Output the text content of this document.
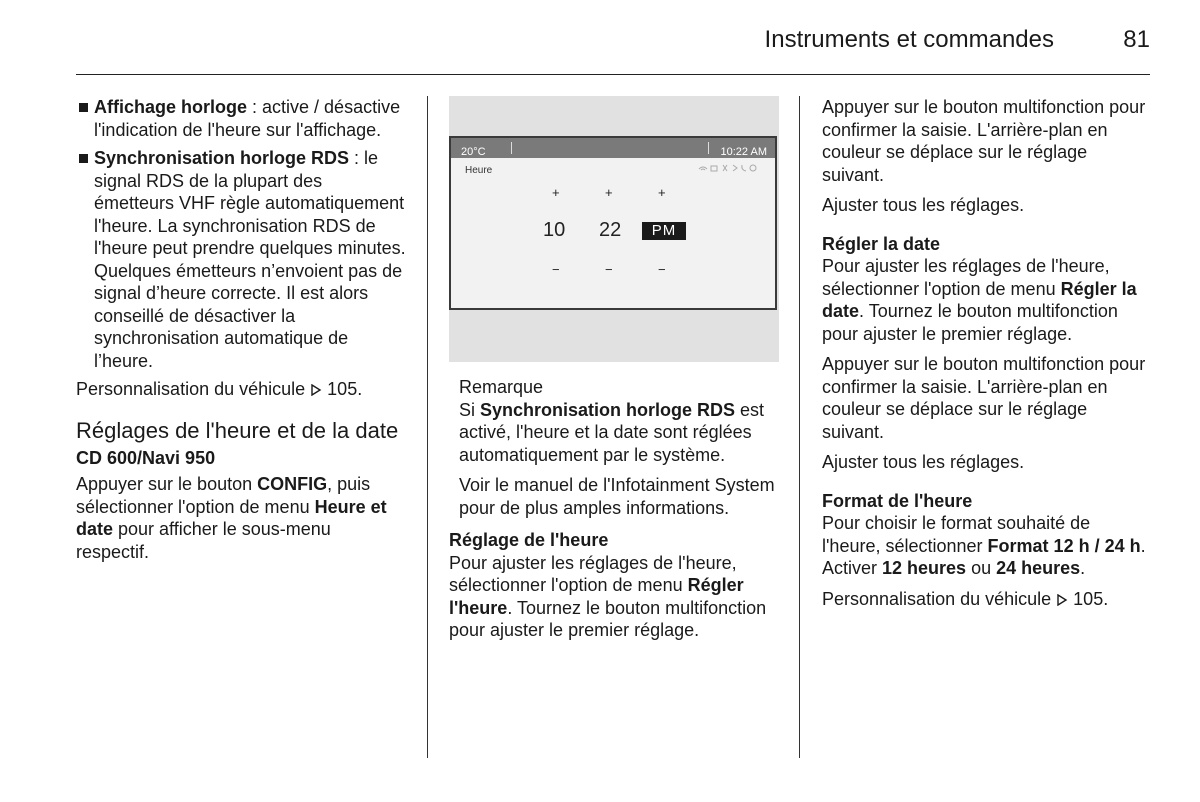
Instruments et commandes	81
Affichage horloge : active / désactive l'indication de l'heure sur l'affichage.
Synchronisation horloge RDS : le signal RDS de la plupart des émetteurs VHF règle automatiquement l'heure. La synchronisation RDS de l'heure peut prendre quelques minutes. Quelques émetteurs n’envoient pas de signal d’heure correcte. Il est alors conseillé de désactiver la synchronisation automatique de l’heure.

Personnalisation du véhicule  105.

Réglages de l'heure et de la date
CD 600/Navi 950

Appuyer sur le bouton CONFIG, puis sélectionner l'option de menu Heure et date pour afficher le sous-menu respectif.

20°C	10:22 AM
Heure
+	+	+
10 22	PM
−	−	−
Remarque

Si Synchronisation horloge RDS est activé, l'heure et la date sont réglées automatiquement par le système.

Voir le manuel de l'Infotainment System pour de plus amples informations.

Réglage de l'heure

Pour ajuster les réglages de l'heure, sélectionner l'option de menu Régler l'heure. Tournez le bouton multifonction pour ajuster le premier réglage.

Appuyer sur le bouton multifonction pour confirmer la saisie. L'arrière-plan en couleur se déplace sur le réglage suivant.

Ajuster tous les réglages.

Régler la date

Pour ajuster les réglages de l'heure, sélectionner l'option de menu Régler la date. Tournez le bouton multifonction pour ajuster le premier réglage.

Appuyer sur le bouton multifonction pour confirmer la saisie. L'arrière-plan en couleur se déplace sur le réglage suivant.

Ajuster tous les réglages.

Format de l'heure

Pour choisir le format souhaité de l'heure, sélectionner Format 12 h / 24 h. Activer 12 heures ou 24 heures.

Personnalisation du véhicule  105.
